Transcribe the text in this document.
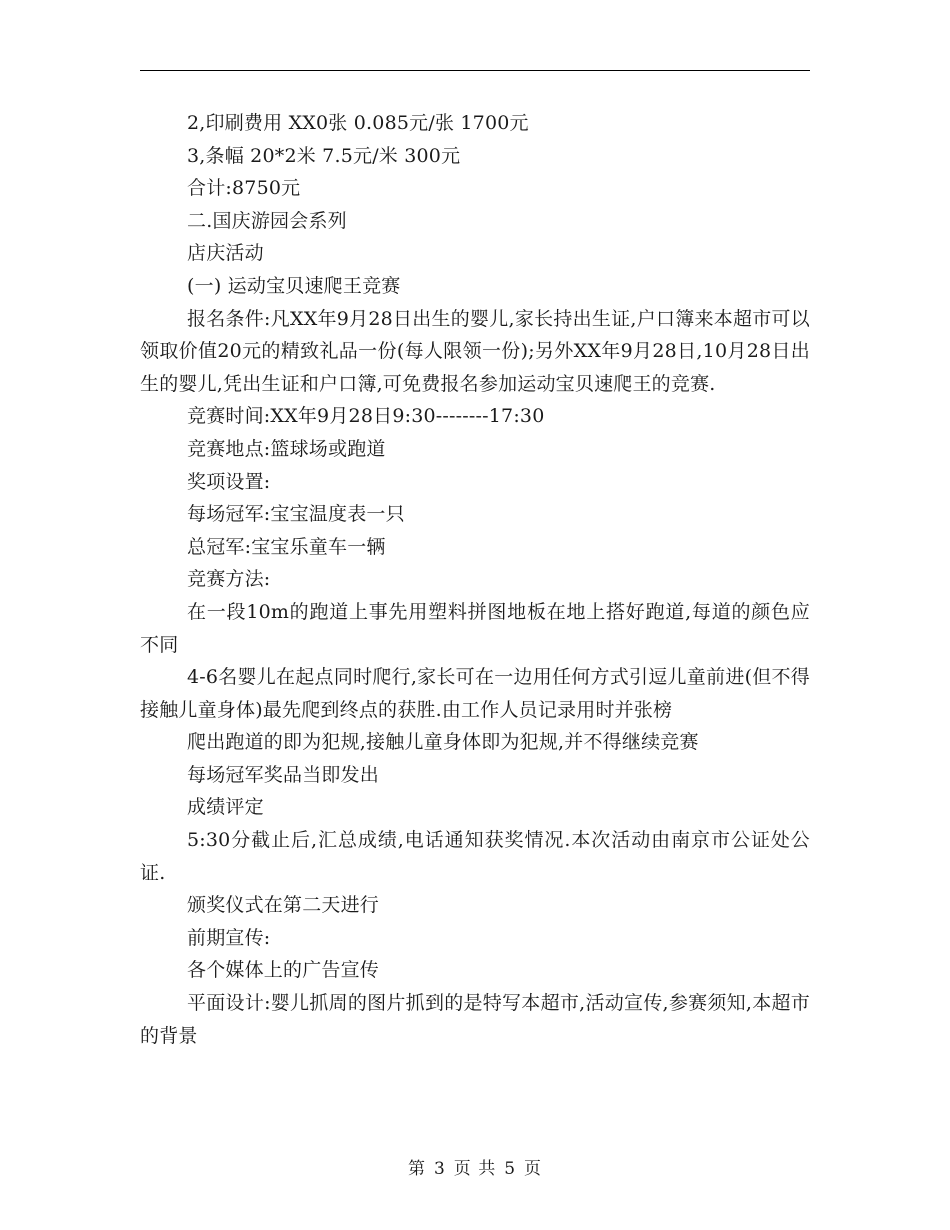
2,印刷费用 XX0张 0.085元/张 1700元

3,条幅 20*2米 7.5元/米 300元

合计:8750元

二.国庆游园会系列

店庆活动

(一) 运动宝贝速爬王竞赛

报名条件:凡XX年9月28日出生的婴儿,家长持出生证,户口簿来本超市可以领取价值20元的精致礼品一份(每人限领一份);另外XX年9月28日,10月28日出生的婴儿,凭出生证和户口簿,可免费报名参加运动宝贝速爬王的竞赛.

竞赛时间:XX年9月28日9:30--------17:30

竞赛地点:篮球场或跑道

奖项设置:

每场冠军:宝宝温度表一只

总冠军:宝宝乐童车一辆

竞赛方法:

在一段10m的跑道上事先用塑料拼图地板在地上搭好跑道,每道的颜色应不同

4-6名婴儿在起点同时爬行,家长可在一边用任何方式引逗儿童前进(但不得接触儿童身体)最先爬到终点的获胜.由工作人员记录用时并张榜

爬出跑道的即为犯规,接触儿童身体即为犯规,并不得继续竞赛

每场冠军奖品当即发出

成绩评定

5:30分截止后,汇总成绩,电话通知获奖情况.本次活动由南京市公证处公证.

颁奖仪式在第二天进行

前期宣传:

各个媒体上的广告宣传

平面设计:婴儿抓周的图片抓到的是特写本超市,活动宣传,参赛须知,本超市的背景

第 3 页 共 5 页
